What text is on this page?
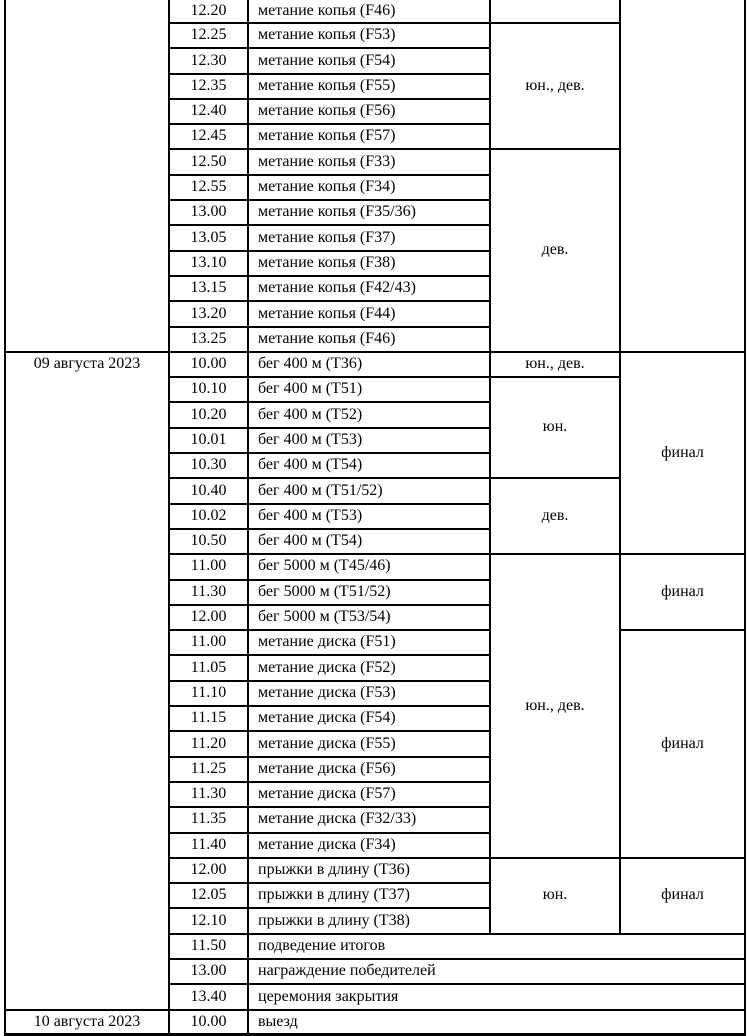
	12.20	метание копья (F46)		
	12.25	метание копья (F53)	юн., дев.	
	12.30	метание копья (F54)		
	12.35	метание копья (F55)		
	12.40	метание копья (F56)		
	12.45	метание копья (F57)		
	12.50	метание копья (F33)	дев.	
	12.55	метание копья (F34)		
	13.00	метание копья (F35/36)		
	13.05	метание копья (F37)		
	13.10	метание копья (F38)		
	13.15	метание копья (F42/43)		
	13.20	метание копья (F44)		
	13.25	метание копья (F46)		
09 августа 2023	10.00	бег 400 м (Т36)	юн., дев.	финал
	10.10	бег 400 м (Т51)	юн.	
	10.20	бег 400 м (Т52)		
	10.01	бег 400 м (Т53)		
	10.30	бег 400 м (Т54)		
	10.40	бег 400 м (Т51/52)	дев.	
	10.02	бег 400 м (Т53)		
	10.50	бег 400 м (Т54)		
	11.00	бег 5000 м (Т45/46)	юн., дев.	финал
	11.30	бег 5000 м (Т51/52)		
	12.00	бег 5000 м (Т53/54)		
	11.00	метание диска (F51)		финал
	11.05	метание диска (F52)		
	11.10	метание диска (F53)		
	11.15	метание диска (F54)		
	11.20	метание диска (F55)		
	11.25	метание диска (F56)		
	11.30	метание диска (F57)		
	11.35	метание диска (F32/33)		
	11.40	метание диска (F34)		
	12.00	прыжки в длину (Т36)	юн.	финал
	12.05	прыжки в длину (Т37)		
	12.10	прыжки в длину (Т38)		
	11.50	подведение итогов		
	13.00	награждение победителей		
	13.40	церемония закрытия		
10 августа 2023	10.00	выезд		
